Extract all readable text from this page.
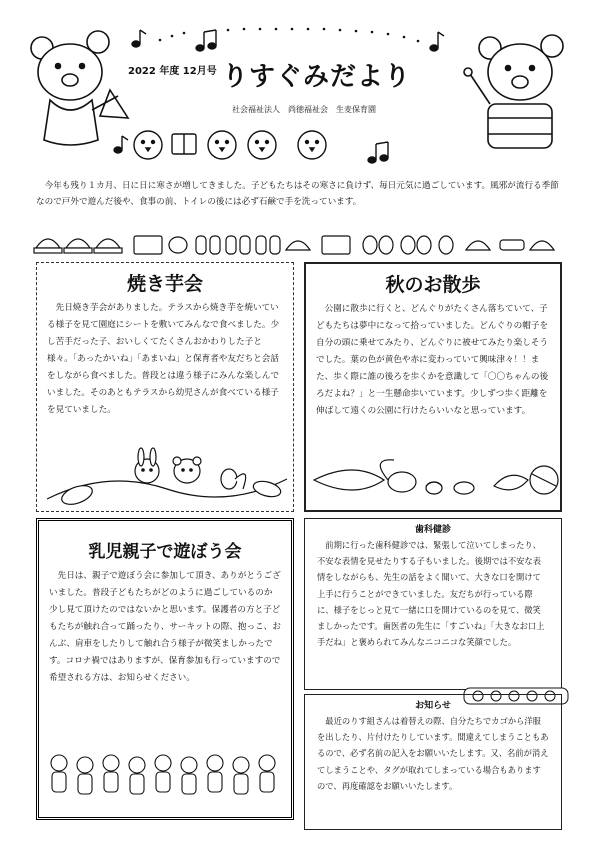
2022 年度 12月号 りすぐみだより
社会福祉法人　尚徳福祉会　生麦保育園

今年も残り１カ月、日に日に寒さが増してきました。子どもたちはその寒さに負けず、毎日元気に過ごしています。風邪が流行る季節なので戸外で遊んだ後や、食事の前、トイレの後には必ず石鹸で手を洗っています。

焼き芋会

先日焼き芋会がありました。テラスから焼き芋を焼いている様子を見て園庭にシートを敷いてみんなで食べました。少し苦手だった子、おいしくてたくさんおかわりした子と様々。「あったかいね」「あまいね」と保育者や友だちと会話をしながら食べました。普段とは違う様子にみんな楽しんでいました。そのあともテラスから幼児さんが食べている様子を見ていました。

秋のお散歩

公園に散歩に行くと、どんぐりがたくさん落ちていて、子どもたちは夢中になって拾っていました。どんぐりの帽子を自分の頭に乗せてみたり、どんぐりに被せてみたり楽しそうでした。葉の色が黄色や赤に変わっていて興味津々！！また、歩く際に誰の後ろを歩くかを意識して「〇〇ちゃんの後ろだよね？」と一生懸命歩いています。少しずつ歩く距離を伸ばして遠くの公園に行けたらいいなと思っています。

乳児親子で遊ぼう会

先日は、親子で遊ぼう会に参加して頂き、ありがとうございました。普段子どもたちがどのように過ごしているのか少し見て頂けたのではないかと思います。保護者の方と子どもたちが触れ合って踊ったり、サーキットの際、抱っこ、おんぶ、肩車をしたりして触れ合う様子が微笑ましかったです。コロナ禍ではありますが、保育参加も行っていますので希望される方は、お知らせください。

歯科健診

前期に行った歯科健診では、緊張して泣いてしまったり、不安な表情を見せたりする子もいました。後期では不安な表情をしながらも、先生の話をよく聞いて、大きな口を開けて上手に行うことができていました。友だちが行っている際に、様子をじっと見て一緒に口を開けているのを見て、微笑ましかったです。歯医者の先生に「すごいね」「大きなお口上手だね」と褒められてみんなニコニコな笑顔でした。

お知らせ

最近のりす組さんは着替えの際、自分たちでカゴから洋服を出したり、片付けたりしています。間違えてしまうこともあるので、必ず名前の記入をお願いいたします。又、名前が消えてしまうことや、タグが取れてしまっている場合もありますので、再度確認をお願いいたします。
